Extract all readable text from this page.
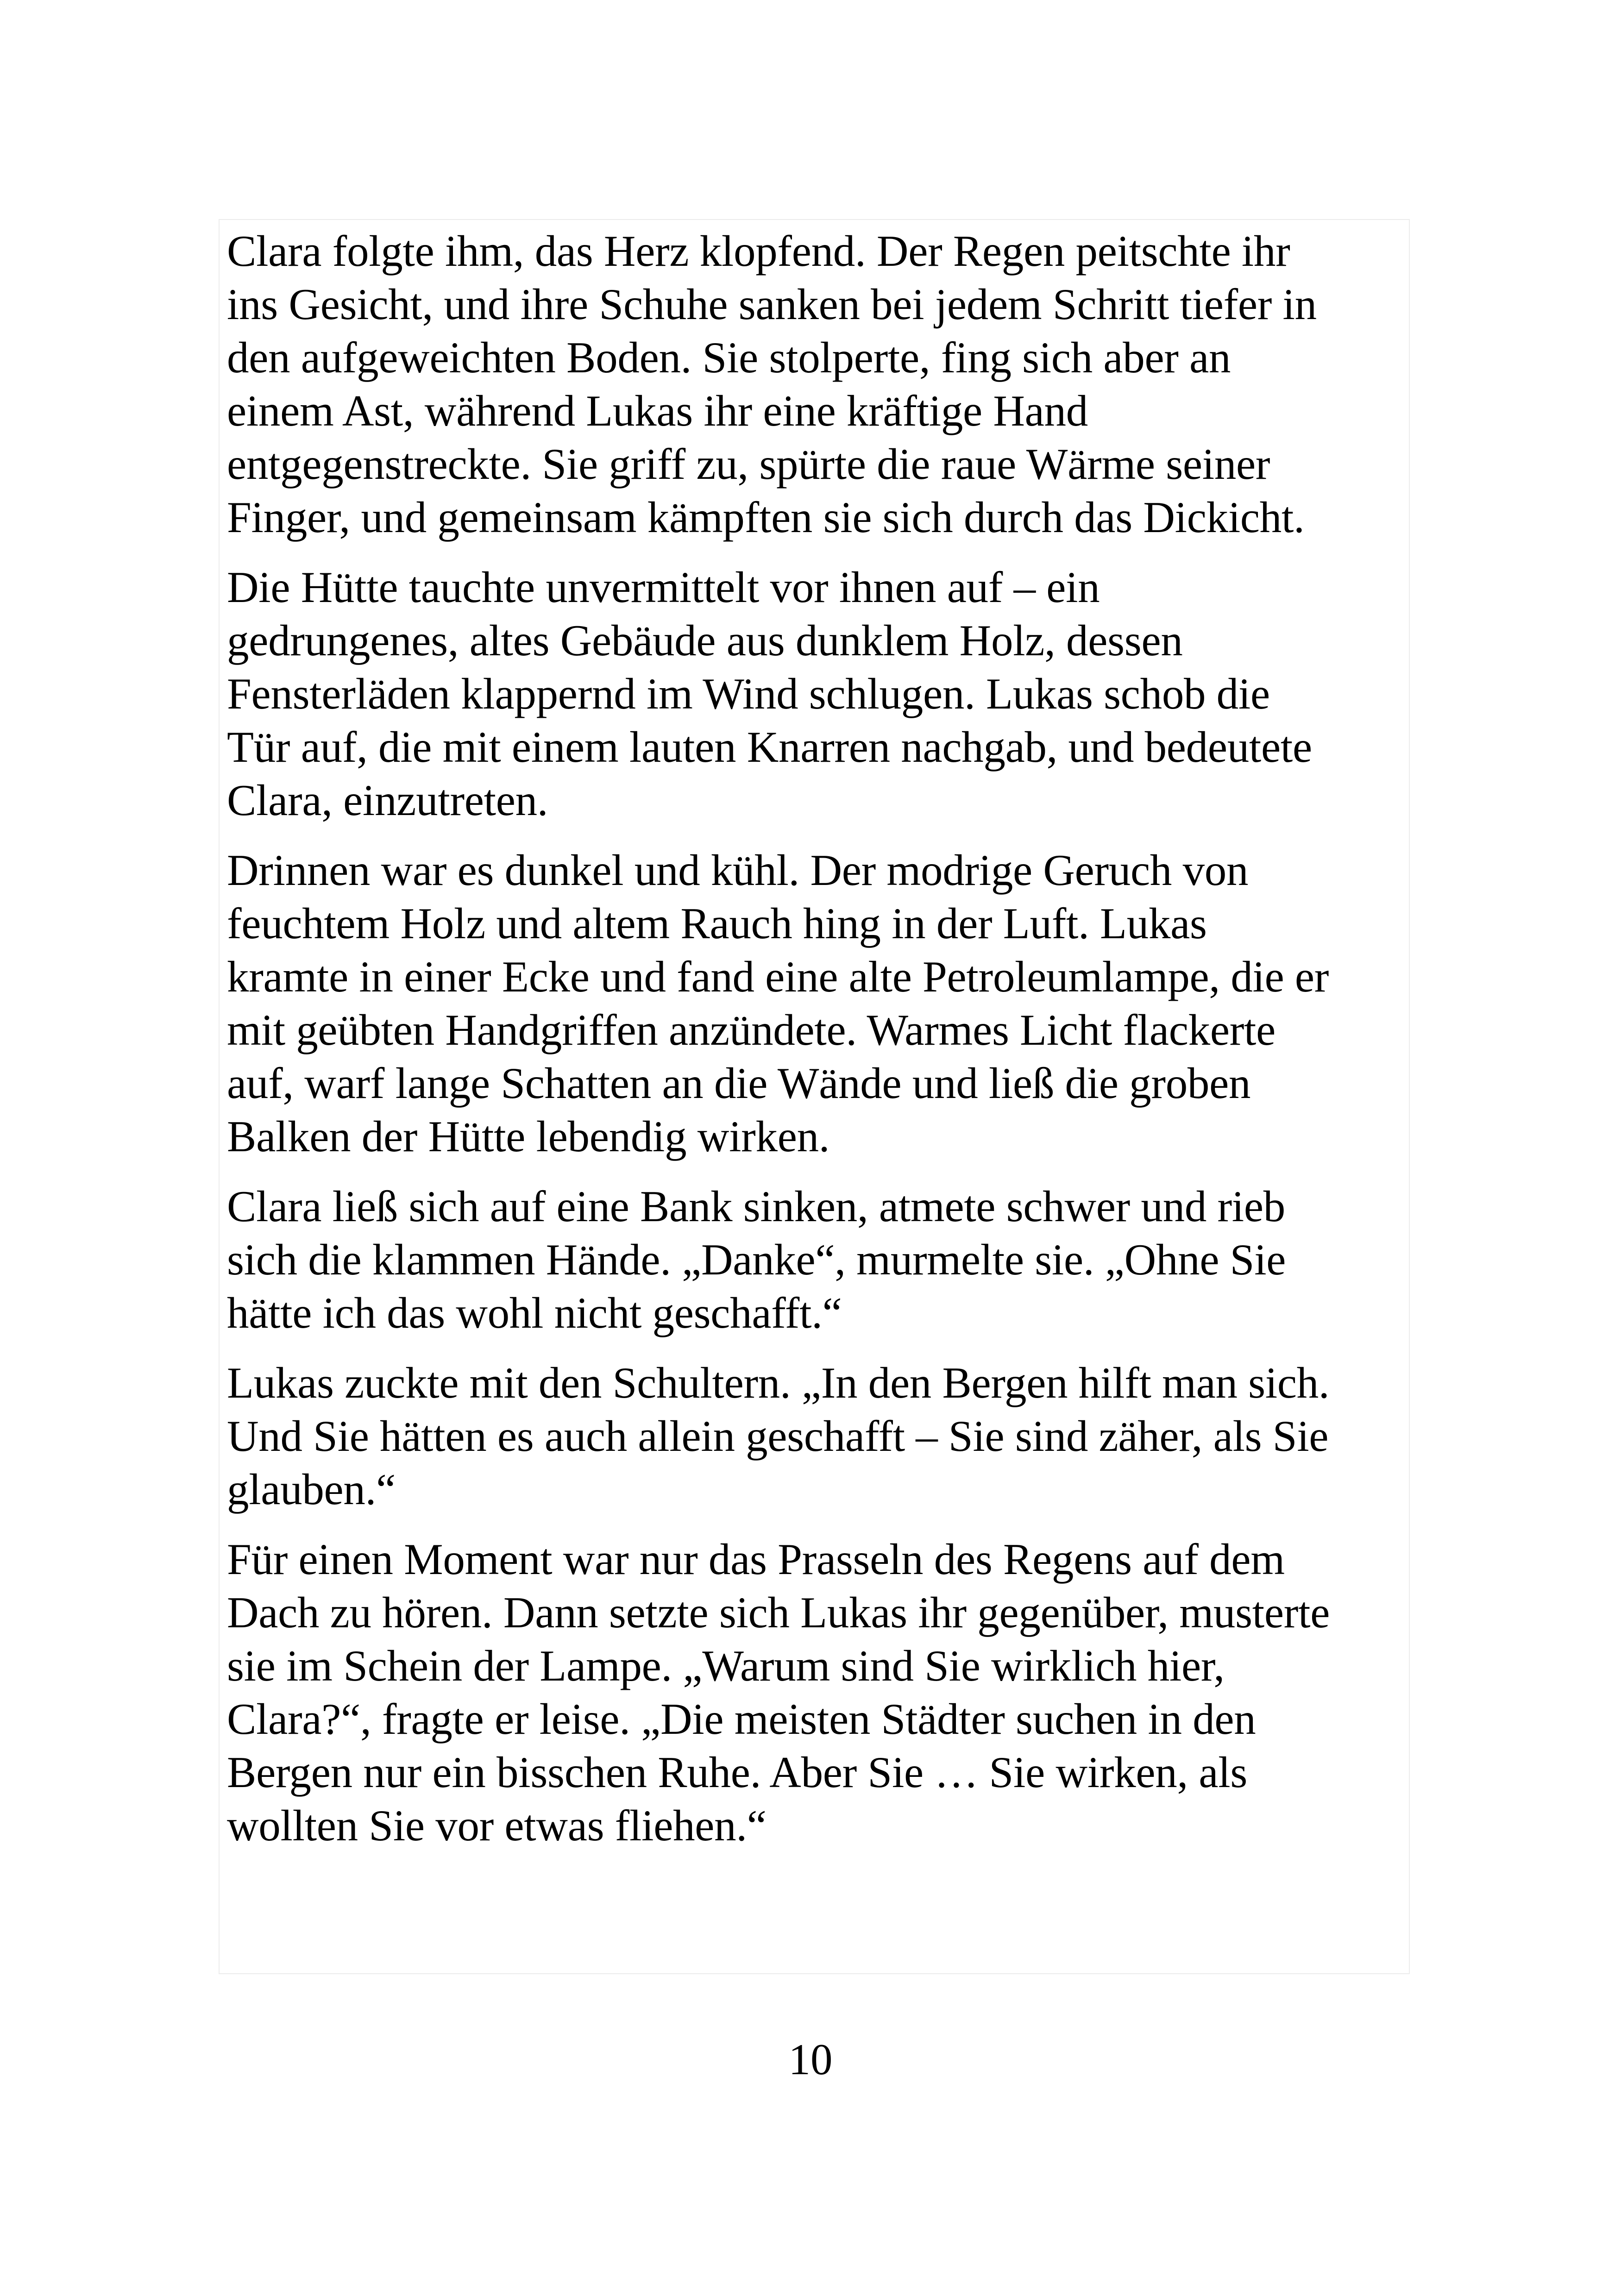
Clara folgte ihm, das Herz klopfend. Der Regen peitschte ihr
ins Gesicht, und ihre Schuhe sanken bei jedem Schritt tiefer in
den aufgeweichten Boden. Sie stolperte, fing sich aber an
einem Ast, während Lukas ihr eine kräftige Hand
entgegenstreckte. Sie griff zu, spürte die raue Wärme seiner
Finger, und gemeinsam kämpften sie sich durch das Dickicht.

Die Hütte tauchte unvermittelt vor ihnen auf – ein
gedrungenes, altes Gebäude aus dunklem Holz, dessen
Fensterläden klappernd im Wind schlugen. Lukas schob die
Tür auf, die mit einem lauten Knarren nachgab, und bedeutete
Clara, einzutreten.

Drinnen war es dunkel und kühl. Der modrige Geruch von
feuchtem Holz und altem Rauch hing in der Luft. Lukas
kramte in einer Ecke und fand eine alte Petroleumlampe, die er
mit geübten Handgriffen anzündete. Warmes Licht flackerte
auf, warf lange Schatten an die Wände und ließ die groben
Balken der Hütte lebendig wirken.

Clara ließ sich auf eine Bank sinken, atmete schwer und rieb
sich die klammen Hände. „Danke“, murmelte sie. „Ohne Sie
hätte ich das wohl nicht geschafft.“

Lukas zuckte mit den Schultern. „In den Bergen hilft man sich.
Und Sie hätten es auch allein geschafft – Sie sind zäher, als Sie
glauben.“

Für einen Moment war nur das Prasseln des Regens auf dem
Dach zu hören. Dann setzte sich Lukas ihr gegenüber, musterte
sie im Schein der Lampe. „Warum sind Sie wirklich hier,
Clara?“, fragte er leise. „Die meisten Städter suchen in den
Bergen nur ein bisschen Ruhe. Aber Sie … Sie wirken, als
wollten Sie vor etwas fliehen.“

10
